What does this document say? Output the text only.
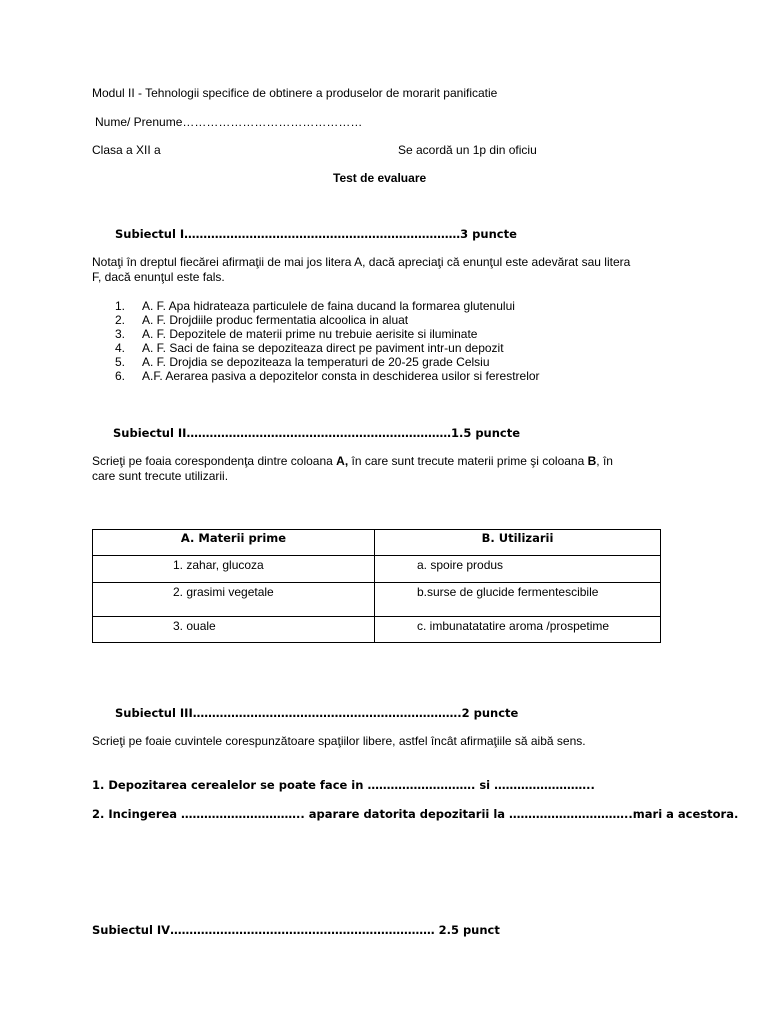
Modul II - Tehnologii specifice de obtinere a produselor de morarit panificatie
Nume/ Prenume………………………………………
Clasa a XII a	Se acordă un 1p din oficiu
Test de evaluare
Subiectul I………………………………………………………………3 puncte
Notaţi în dreptul fiecărei afirmaţii de mai jos litera A, dacă apreciaţi că enunţul este adevărat sau litera
F, dacă enunţul este fals.
1. A. F. Apa hidrateaza particulele de faina ducand la formarea glutenului
2. A. F. Drojdiile produc fermentatia alcoolica in aluat
3. A. F. Depozitele de materii prime nu trebuie aerisite si iluminate
4. A. F. Saci de faina se depoziteaza direct pe paviment intr-un depozit
5. A. F. Drojdia se depoziteaza la temperaturi de 20-25 grade Celsiu
6. A.F. Aerarea pasiva a depozitelor consta in deschiderea usilor si ferestrelor
Subiectul II……………………………………………………………1.5 puncte
Scrieţi pe foaia corespondenţa dintre coloana A, în care sunt trecute materii prime şi coloana B, în
care sunt trecute utilizarii.
A. Materii prime	B. Utilizarii
1. zahar, glucoza	a. spoire produs
2. grasimi vegetale	b.surse de glucide fermentescibile
3. ouale	c. imbunatatatire aroma /prospetime
Subiectul III…………………………………………………………….2 puncte
Scrieţi pe foaie cuvintele corespunzătoare spaţiilor libere, astfel încât afirmaţiile să aibă sens.
1. Depozitarea cerealelor se poate face in ………………………. si ……………………..
2. Incingerea ………………………….. aparare datorita depozitarii la …………………………..mari a acestora.
Subiectul IV…………………………………………………………… 2.5 punct
